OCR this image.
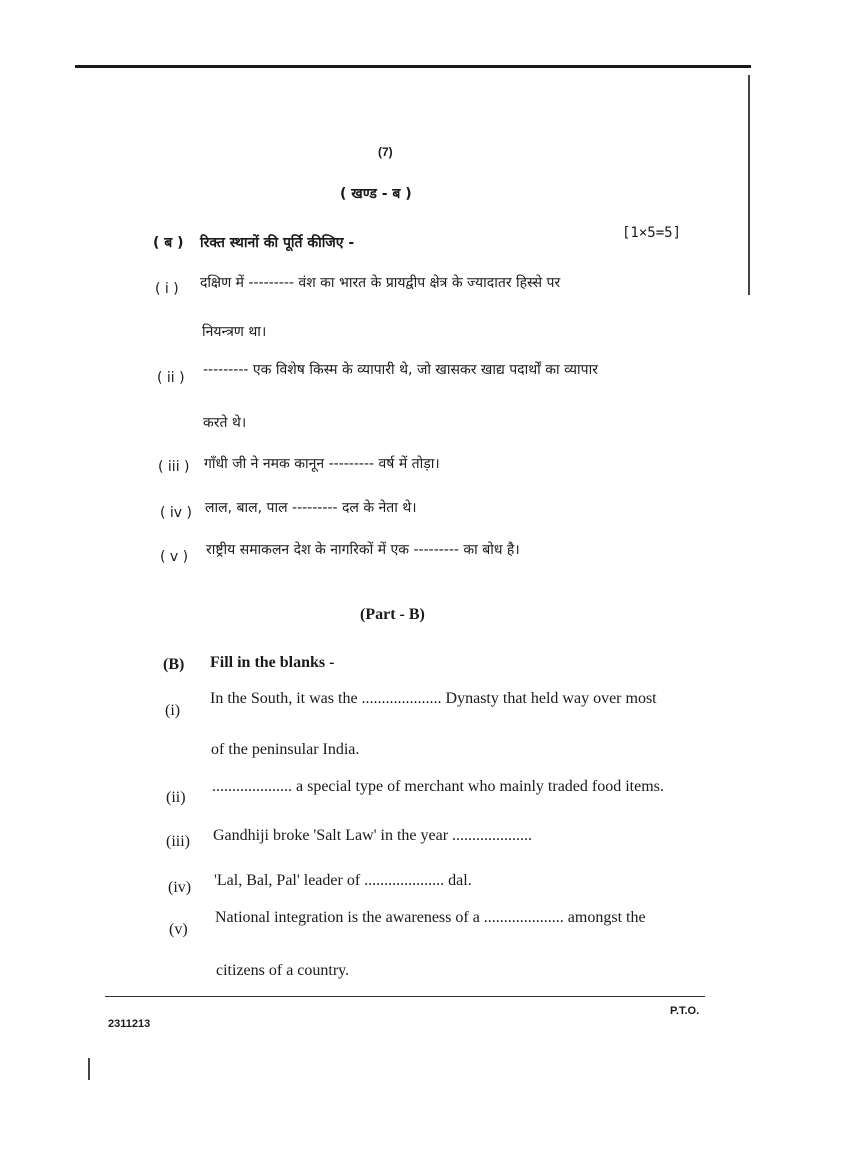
(7)
( खण्ड - ब )
( ब ) रिक्त स्थानों की पूर्ति कीजिए -
[1×5=5]
( i ) दक्षिण में --------- वंश का भारत के प्रायद्वीप क्षेत्र के ज्यादातर हिस्से पर
नियन्त्रण था।
( ii ) --------- एक विशेष किस्म के व्यापारी थे, जो खासकर खाद्य पदार्थों का व्यापार
करते थे।
( iii ) गाँधी जी ने नमक कानून --------- वर्ष में तोड़ा।
( iv ) लाल, बाल, पाल --------- दल के नेता थे।
( v ) राष्ट्रीय समाकलन देश के नागरिकों में एक --------- का बोध है।
(Part - B)
(B) Fill in the blanks -
(i)
In the South, it was the .................... Dynasty that held way over most
of the peninsular India.
(ii)
.................... a special type of merchant who mainly traded food items.
(iii) Gandhiji broke 'Salt Law' in the year ....................
(iv) 'Lal, Bal, Pal' leader of .................... dal.
(v)
National integration is the awareness of a .................... amongst the
citizens of a country.
2311213
P.T.O.
